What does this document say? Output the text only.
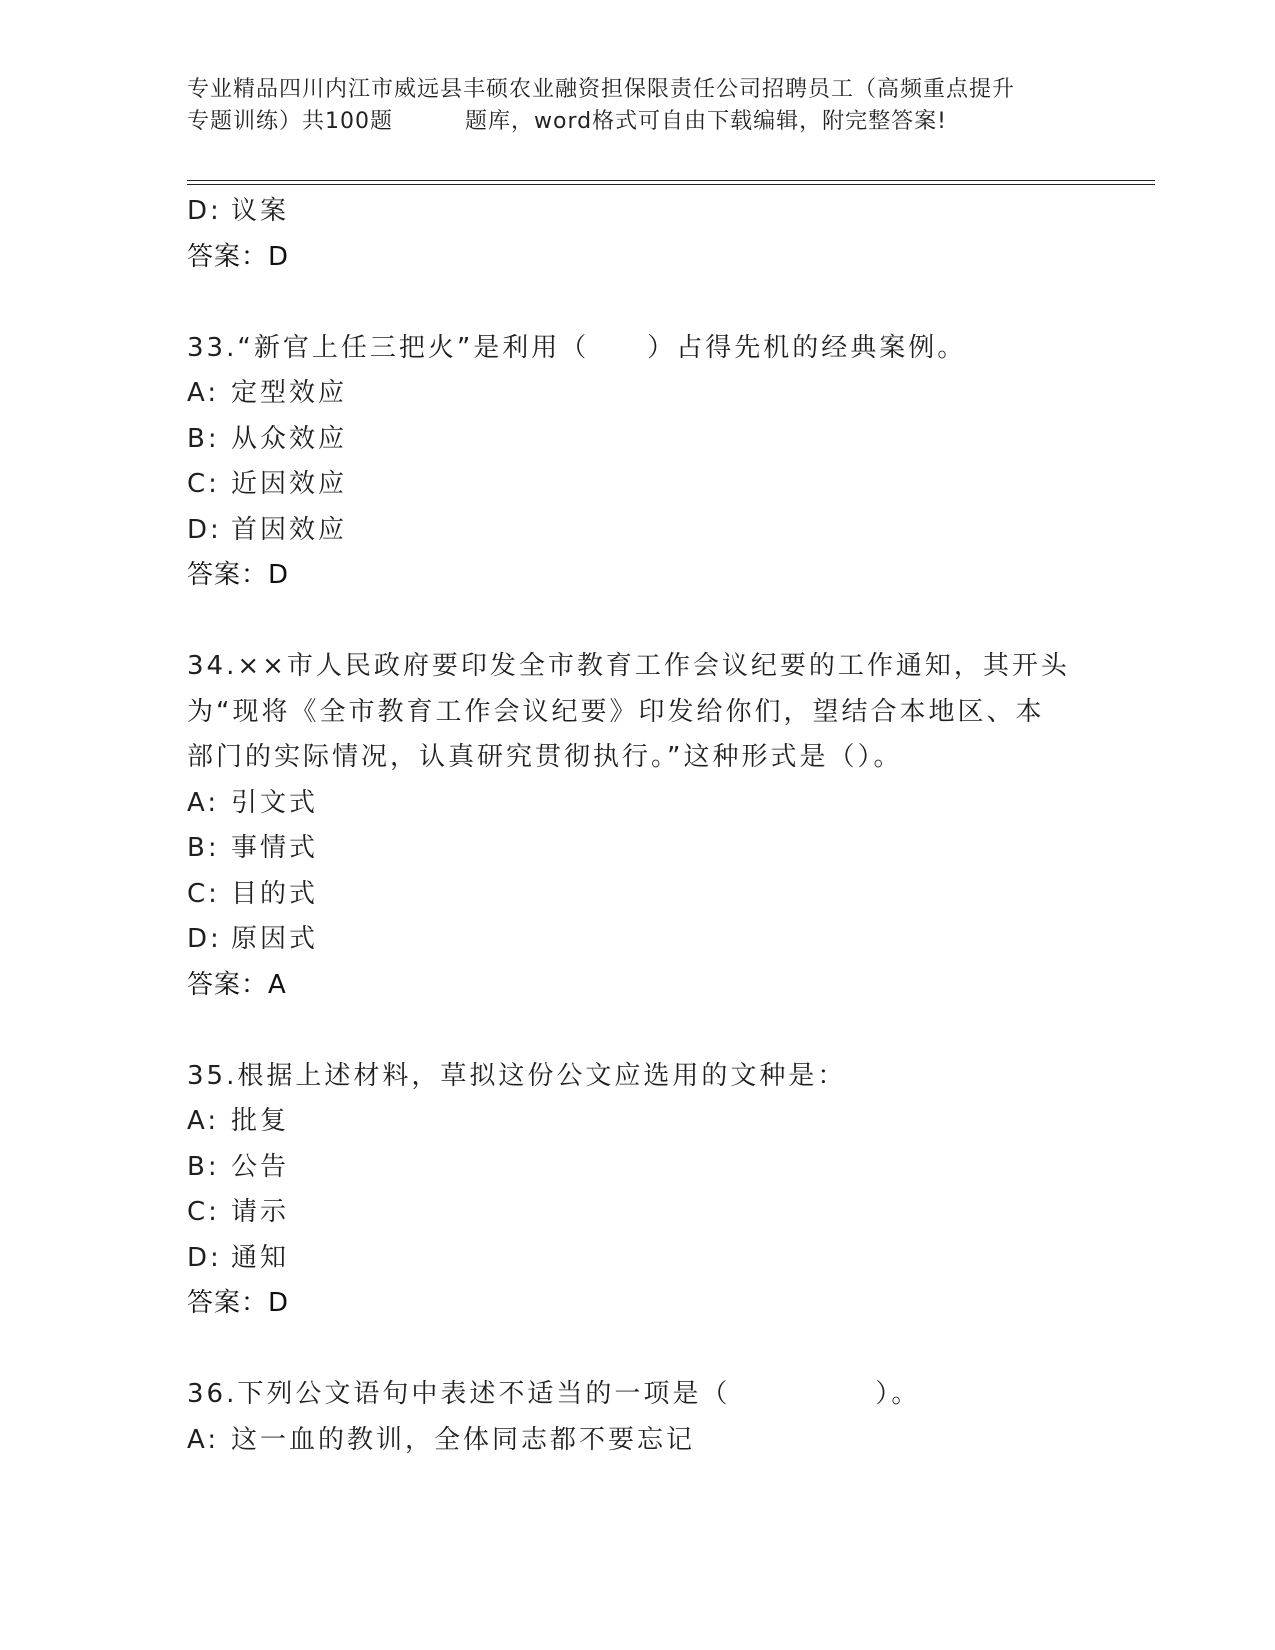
专业精品四川内江市威远县丰硕农业融资担保限责任公司招聘员工（高频重点提升
专题训练）共100题	题库，word格式可自由下载编辑，附完整答案!
D: 议案
答案：D
33.“新官上任三把火”是利用（　　）占得先机的经典案例。
A: 定型效应
B: 从众效应
C: 近因效应
D: 首因效应
答案：D
34.××市人民政府要印发全市教育工作会议纪要的工作通知，其开头
为“现将《全市教育工作会议纪要》印发给你们，望结合本地区、本
部门的实际情况，认真研究贯彻执行。”这种形式是（）。
A: 引文式
B: 事情式
C: 目的式
D: 原因式
答案：A
35.根据上述材料，草拟这份公文应选用的文种是：
A: 批复
B: 公告
C: 请示
D: 通知
答案：D
36.下列公文语句中表述不适当的一项是（　　　　　）。
A: 这一血的教训，全体同志都不要忘记
